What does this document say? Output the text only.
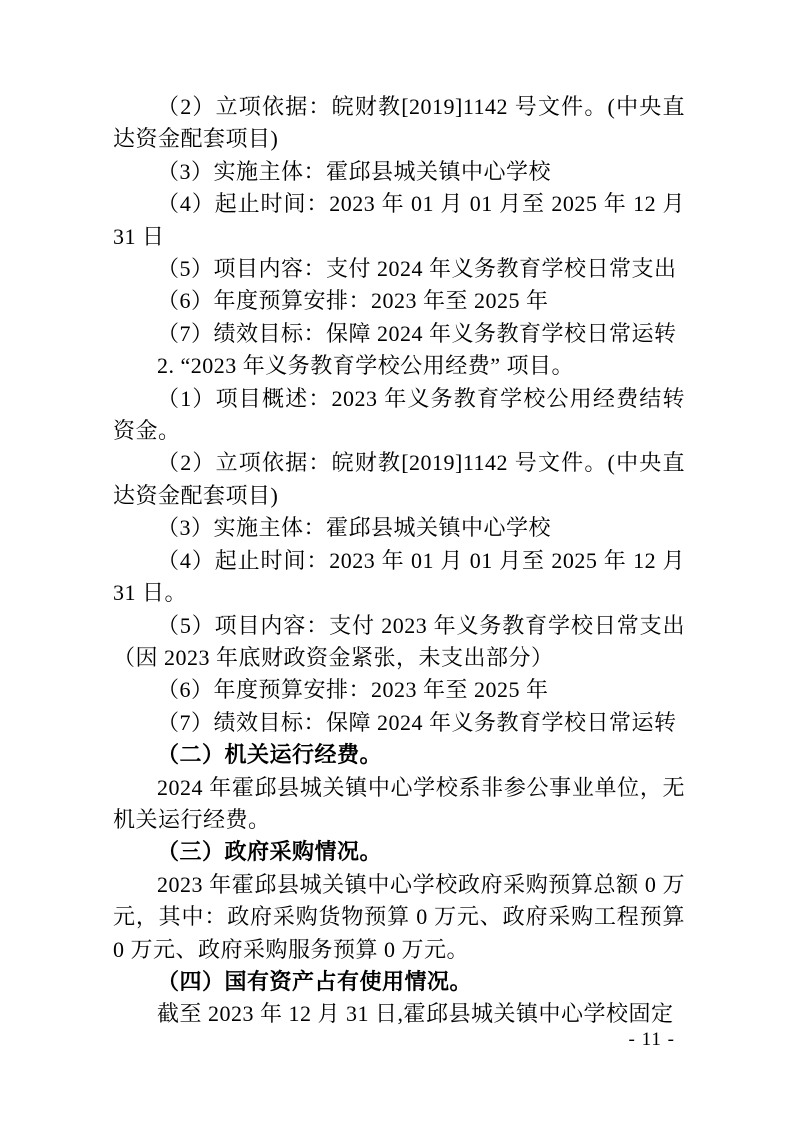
（2）立项依据：皖财教[2019]1142 号文件。(中央直达资金配套项目)

（3）实施主体：霍邱县城关镇中心学校

（4）起止时间：2023 年 01 月 01 月至 2025 年 12 月 31 日

（5）项目内容：支付 2024 年义务教育学校日常支出

（6）年度预算安排：2023 年至 2025 年

（7）绩效目标：保障 2024 年义务教育学校日常运转

2. “2023 年义务教育学校公用经费” 项目。

（1）项目概述：2023 年义务教育学校公用经费结转资金。

（2）立项依据：皖财教[2019]1142 号文件。(中央直达资金配套项目)

（3）实施主体：霍邱县城关镇中心学校

（4）起止时间：2023 年 01 月 01 月至 2025 年 12 月 31 日。

（5）项目内容：支付 2023 年义务教育学校日常支出（因 2023 年底财政资金紧张，未支出部分）

（6）年度预算安排：2023 年至 2025 年

（7）绩效目标：保障 2024 年义务教育学校日常运转

（二）机关运行经费。

2024 年霍邱县城关镇中心学校系非参公事业单位，无机关运行经费。

（三）政府采购情况。

2023 年霍邱县城关镇中心学校政府采购预算总额 0 万元，其中：政府采购货物预算 0 万元、政府采购工程预算 0 万元、政府采购服务预算 0 万元。

（四）国有资产占有使用情况。

截至 2023 年 12 月 31 日,霍邱县城关镇中心学校固定

- 11 -
